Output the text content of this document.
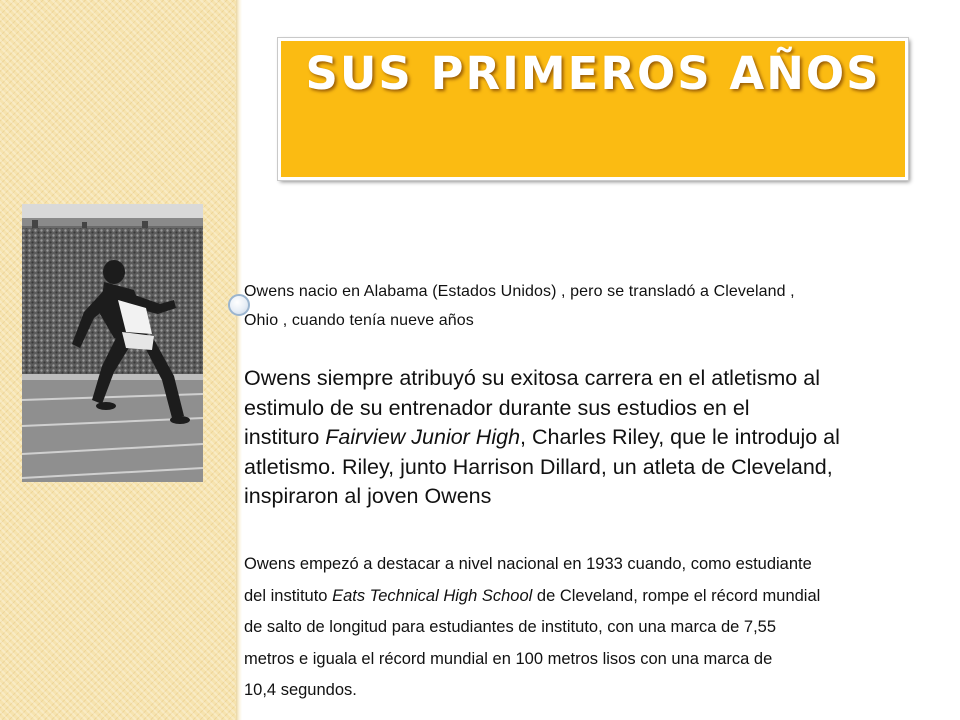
SUS PRIMEROS AÑOS
Owens nacio en Alabama (Estados Unidos) , pero se transladó a Cleveland ,
Ohio , cuando tenía nueve años
Owens siempre atribuyó su exitosa carrera en el atletismo al
estimulo de su entrenador durante sus estudios en el
instituro Fairview Junior High, Charles Riley, que le introdujo al
atletismo. Riley, junto Harrison Dillard, un atleta de Cleveland,
inspiraron al joven Owens
Owens empezó a destacar a nivel nacional en 1933 cuando, como estudiante
del instituto Eats Technical High School de Cleveland, rompe el récord mundial
de salto de longitud para estudiantes de instituto, con una marca de 7,55
metros e iguala el récord mundial en 100 metros lisos con una marca de
10,4 segundos.
